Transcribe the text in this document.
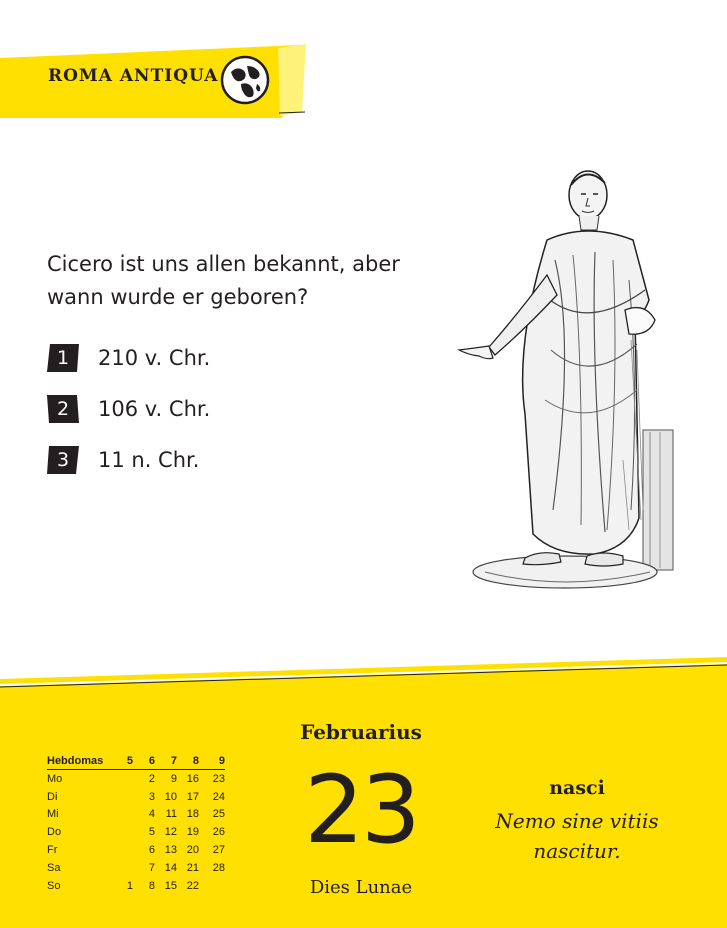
ROMA ANTIQUA
Cicero ist uns allen bekannt, aber wann wurde er geboren?
1	210 v. Chr.
2	106 v. Chr.
3	11 n. Chr.
Hebdomas	5	6	7	8	9
Mo		2	9	16	23
Di		3	10	17	24
Mi		4	11	18	25
Do		5	12	19	26
Fr		6	13	20	27
Sa		7	14	21	28
So	1	8	15	22	
Februarius
23
Dies Lunae
nasci
Nemo sine vitiis nascitur.
